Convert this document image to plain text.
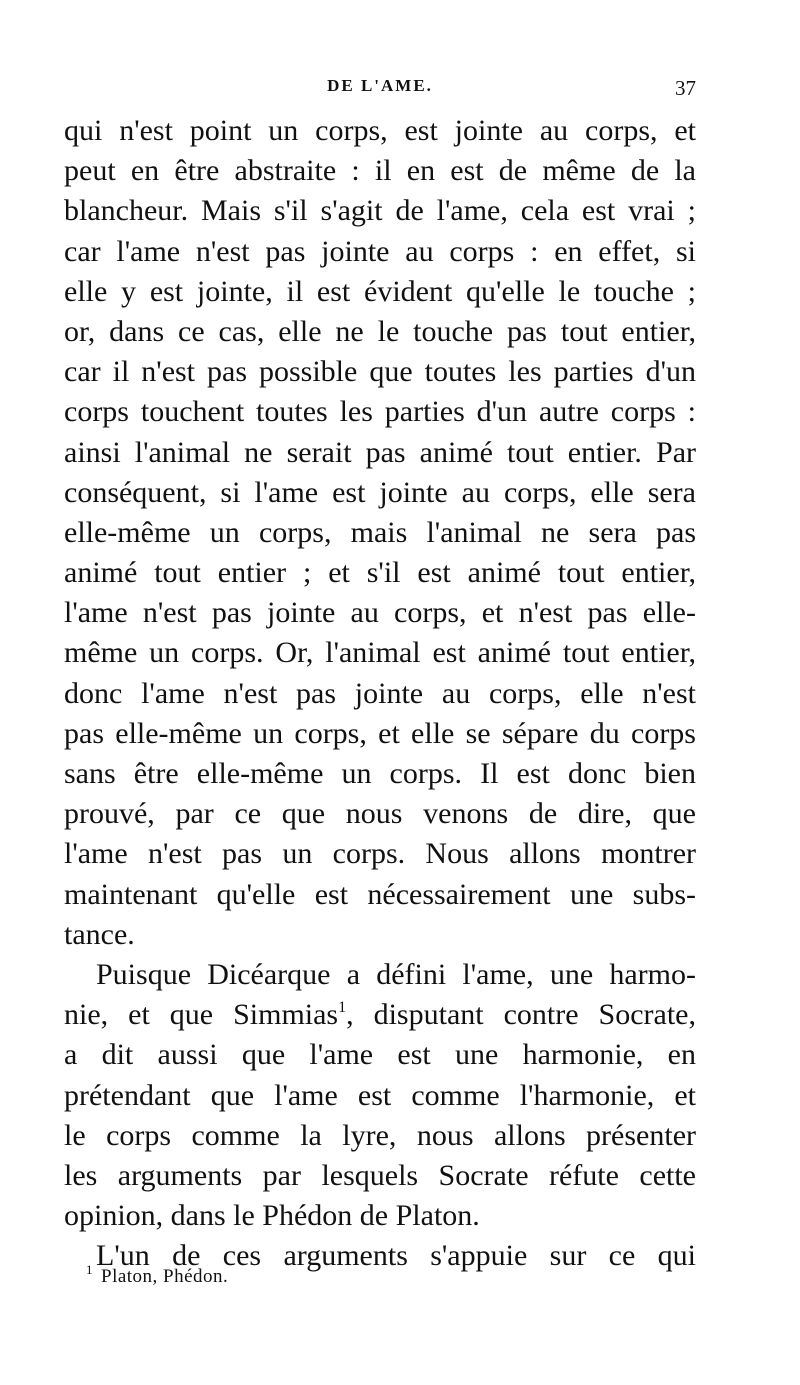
DE L'AME.	37
qui n'est point un corps, est jointe au corps, et
peut en être abstraite : il en est de même de la
blancheur. Mais s'il s'agit de l'ame, cela est vrai ;
car l'ame n'est pas jointe au corps : en effet, si
elle y est jointe, il est évident qu'elle le touche ;
or, dans ce cas, elle ne le touche pas tout entier,
car il n'est pas possible que toutes les parties d'un
corps touchent toutes les parties d'un autre corps :
ainsi l'animal ne serait pas animé tout entier. Par
conséquent, si l'ame est jointe au corps, elle sera
elle-même un corps, mais l'animal ne sera pas
animé tout entier ; et s'il est animé tout entier,
l'ame n'est pas jointe au corps, et n'est pas elle-
même un corps. Or, l'animal est animé tout entier,
donc l'ame n'est pas jointe au corps, elle n'est
pas elle-même un corps, et elle se sépare du corps
sans être elle-même un corps. Il est donc bien
prouvé, par ce que nous venons de dire, que
l'ame n'est pas un corps. Nous allons montrer
maintenant qu'elle est nécessairement une subs-
tance.
Puisque Dicéarque a défini l'ame, une harmo-
nie, et que Simmias$^1$, disputant contre Socrate,
a dit aussi que l'ame est une harmonie, en
prétendant que l'ame est comme l'harmonie, et
le corps comme la lyre, nous allons présenter
les arguments par lesquels Socrate réfute cette
opinion, dans le Phédon de Platon.
L'un de ces arguments s'appuie sur ce qui
$^1$ Platon, Phédon.
